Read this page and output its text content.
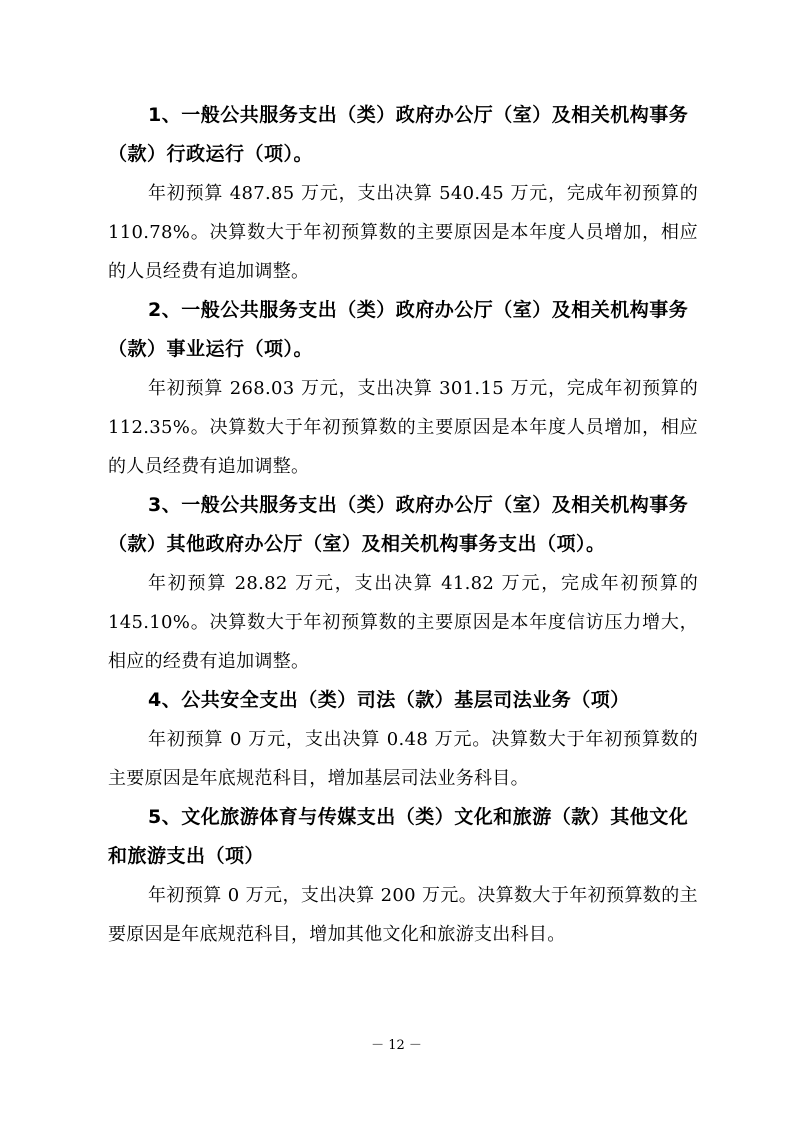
1、一般公共服务支出（类）政府办公厅（室）及相关机构事务（款）行政运行（项）。

年初预算 487.85 万元，支出决算 540.45 万元，完成年初预算的 110.78%。决算数大于年初预算数的主要原因是本年度人员增加，相应的人员经费有追加调整。

2、一般公共服务支出（类）政府办公厅（室）及相关机构事务（款）事业运行（项）。

年初预算 268.03 万元，支出决算 301.15 万元，完成年初预算的 112.35%。决算数大于年初预算数的主要原因是本年度人员增加，相应的人员经费有追加调整。

3、一般公共服务支出（类）政府办公厅（室）及相关机构事务（款）其他政府办公厅（室）及相关机构事务支出（项）。

年初预算 28.82 万元，支出决算 41.82 万元，完成年初预算的 145.10%。决算数大于年初预算数的主要原因是本年度信访压力增大，相应的经费有追加调整。

4、公共安全支出（类）司法（款）基层司法业务（项）

年初预算 0 万元，支出决算 0.48 万元。决算数大于年初预算数的主要原因是年底规范科目，增加基层司法业务科目。

5、文化旅游体育与传媒支出（类）文化和旅游（款）其他文化和旅游支出（项）

年初预算 0 万元，支出决算 200 万元。决算数大于年初预算数的主要原因是年底规范科目，增加其他文化和旅游支出科目。

－ 12 －
